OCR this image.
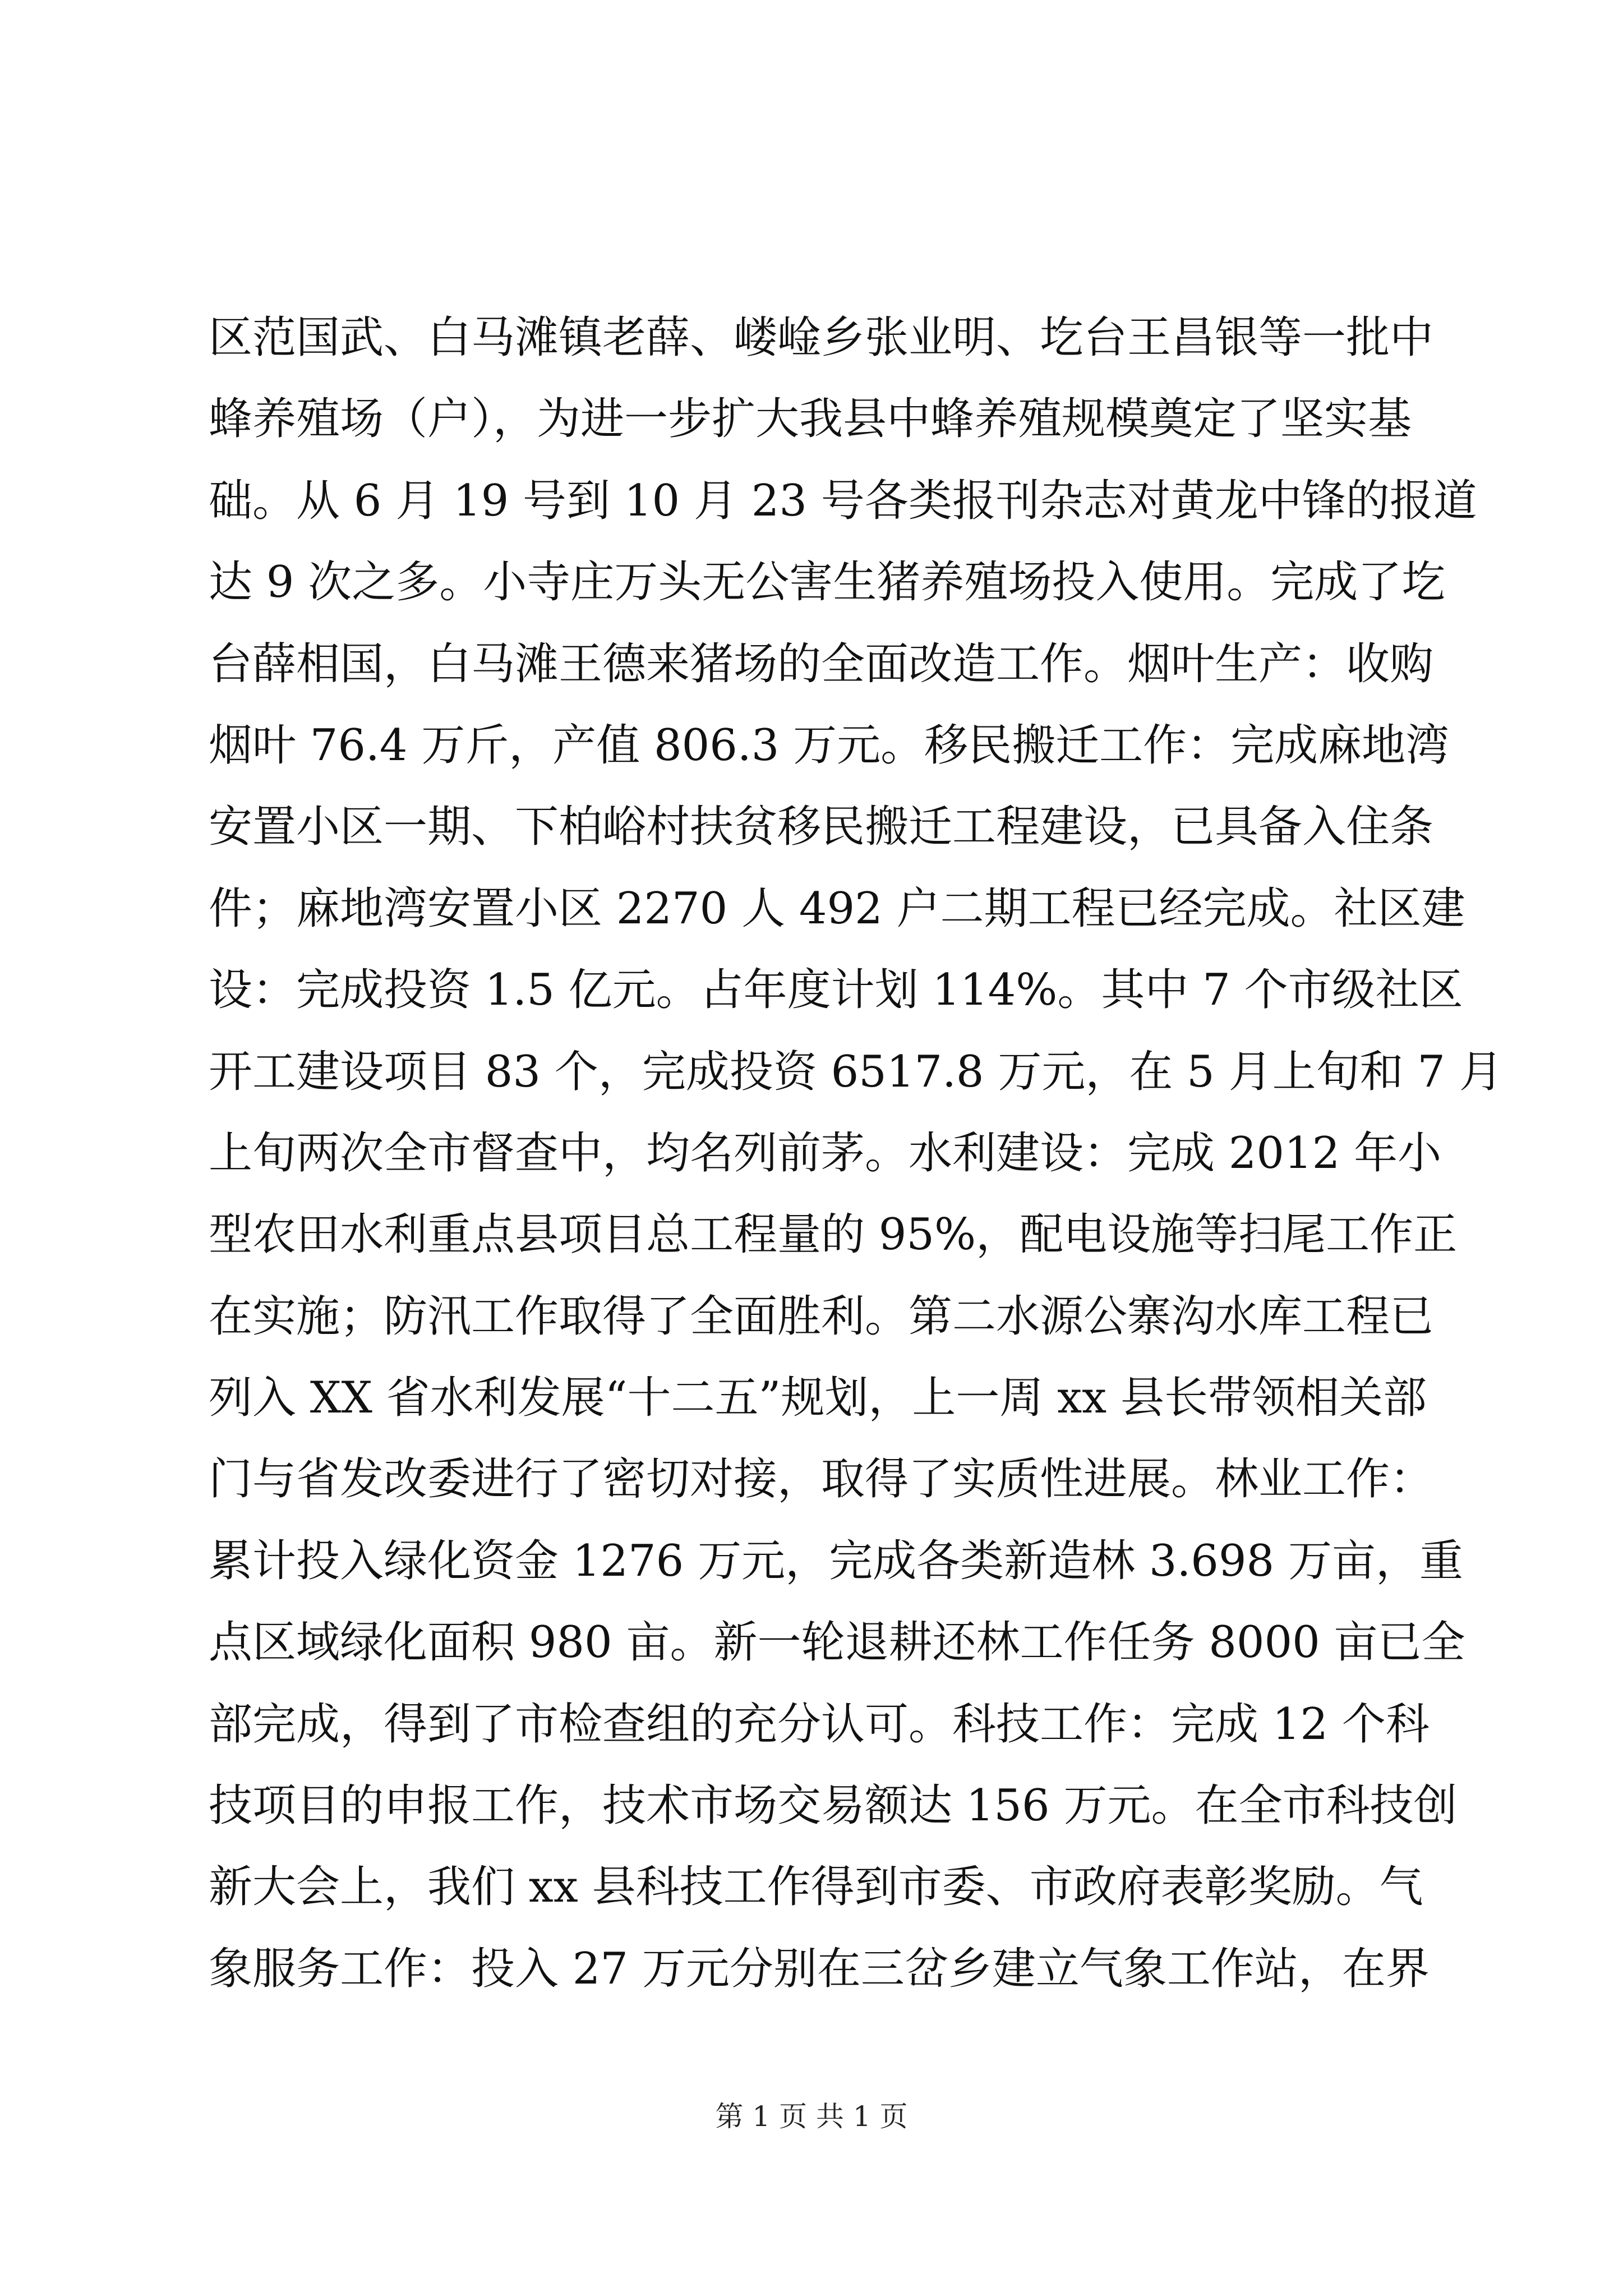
区范国武、白马滩镇老薛、嵝崯乡张业明、圪台王昌银等一批中
蜂养殖场（户），为进一步扩大我县中蜂养殖规模奠定了坚实基
础。从 6 月 19 号到 10 月 23 号各类报刊杂志对黄龙中锋的报道
达 9 次之多。小寺庄万头无公害生猪养殖场投入使用。完成了圪
台薛相国，白马滩王德来猪场的全面改造工作。烟叶生产：收购
烟叶 76.4 万斤，产值 806.3 万元。移民搬迁工作：完成麻地湾
安置小区一期、下柏峪村扶贫移民搬迁工程建设，已具备入住条
件；麻地湾安置小区 2270 人 492 户二期工程已经完成。社区建
设：完成投资 1.5 亿元。占年度计划 114%。其中 7 个市级社区
开工建设项目 83 个，完成投资 6517.8 万元，在 5 月上旬和 7 月
上旬两次全市督查中，均名列前茅。水利建设：完成 2012 年小
型农田水利重点县项目总工程量的 95%，配电设施等扫尾工作正
在实施；防汛工作取得了全面胜利。第二水源公寨沟水库工程已
列入 XX 省水利发展“十二五”规划，上一周 xx 县长带领相关部
门与省发改委进行了密切对接，取得了实质性进展。林业工作：
累计投入绿化资金 1276 万元，完成各类新造林 3.698 万亩，重
点区域绿化面积 980 亩。新一轮退耕还林工作任务 8000 亩已全
部完成，得到了市检查组的充分认可。科技工作：完成 12 个科
技项目的申报工作，技术市场交易额达 156 万元。在全市科技创
新大会上，我们 xx 县科技工作得到市委、市政府表彰奖励。气
象服务工作：投入 27 万元分别在三岔乡建立气象工作站，在界
第 1 页 共 1 页
